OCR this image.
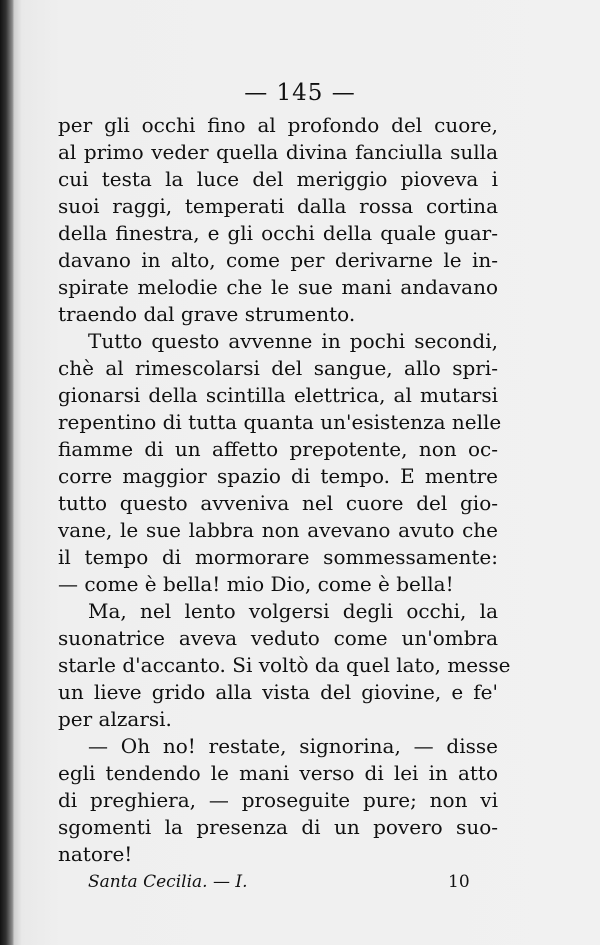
— 145 —
per gli occhi fino al profondo del cuore,
al primo veder quella divina fanciulla sulla
cui testa la luce del meriggio pioveva i
suoi raggi, temperati dalla rossa cortina
della finestra, e gli occhi della quale guar-
davano in alto, come per derivarne le in-
spirate melodie che le sue mani andavano
traendo dal grave strumento.
Tutto questo avvenne in pochi secondi,
chè al rimescolarsi del sangue, allo spri-
gionarsi della scintilla elettrica, al mutarsi
repentino di tutta quanta un'esistenza nelle
fiamme di un affetto prepotente, non oc-
corre maggior spazio di tempo. E mentre
tutto questo avveniva nel cuore del gio-
vane, le sue labbra non avevano avuto che
il tempo di mormorare sommessamente:
— come è bella! mio Dio, come è bella!
Ma, nel lento volgersi degli occhi, la
suonatrice aveva veduto come un'ombra
starle d'accanto. Si voltò da quel lato, messe
un lieve grido alla vista del giovine, e fe'
per alzarsi.
— Oh no! restate, signorina, — disse
egli tendendo le mani verso di lei in atto
di preghiera, — proseguite pure; non vi
sgomenti la presenza di un povero suo-
natore!
Santa Cecilia. — I.	10
